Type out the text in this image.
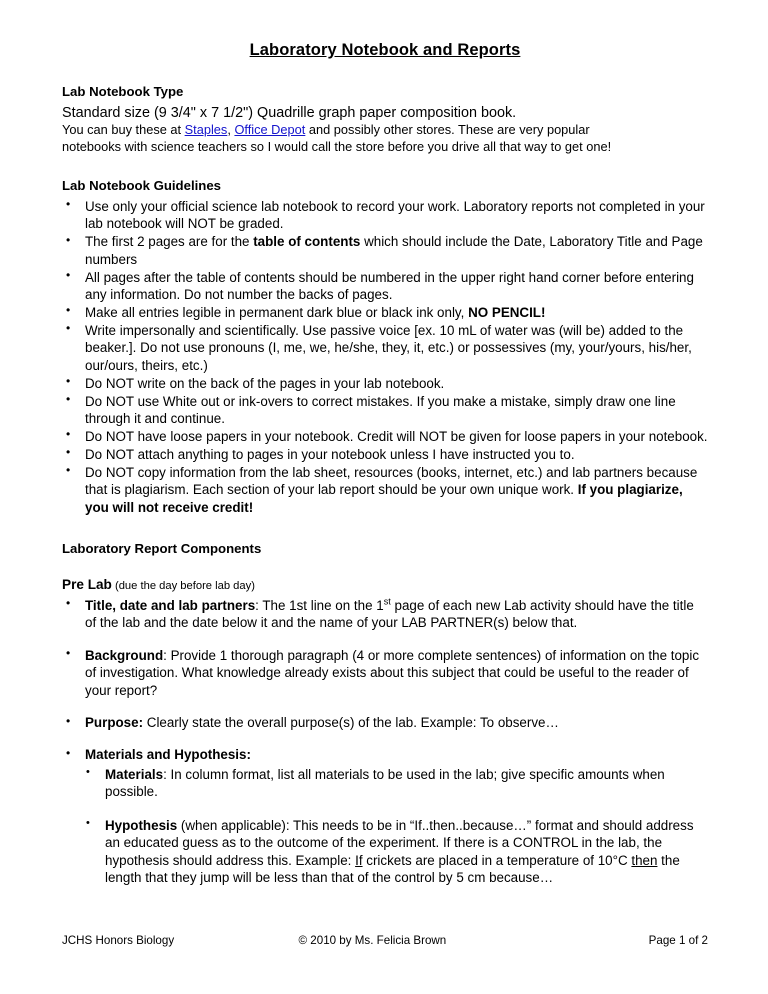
Laboratory Notebook and Reports
Lab Notebook Type

Standard size (9 3/4" x 7 1/2") Quadrille graph paper composition book.

You can buy these at Staples, Office Depot and possibly other stores. These are very popular

notebooks with science teachers so I would call the store before you drive all that way to get one!

Lab Notebook Guidelines
• Use only your official science lab notebook to record your work. Laboratory reports not completed in your lab notebook will NOT be graded.
• The first 2 pages are for the table of contents which should include the Date, Laboratory Title and Page numbers
• All pages after the table of contents should be numbered in the upper right hand corner before entering any information. Do not number the backs of pages.
• Make all entries legible in permanent dark blue or black ink only, NO PENCIL!
• Write impersonally and scientifically. Use passive voice [ex. 10 mL of water was (will be) added to the beaker.]. Do not use pronouns (I, me, we, he/she, they, it, etc.) or possessives (my, your/yours, his/her, our/ours, theirs, etc.)
• Do NOT write on the back of the pages in your lab notebook.
• Do NOT use White out or ink-overs to correct mistakes. If you make a mistake, simply draw one line through it and continue.
• Do NOT have loose papers in your notebook. Credit will NOT be given for loose papers in your notebook.
• Do NOT attach anything to pages in your notebook unless I have instructed you to.
• Do NOT copy information from the lab sheet, resources (books, internet, etc.) and lab partners because that is plagiarism. Each section of your lab report should be your own unique work. If you plagiarize, you will not receive credit!
Laboratory Report Components

Pre Lab (due the day before lab day)

• Title, date and lab partners: The 1st line on the 1st page of each new Lab activity should have the title of the lab and the date below it and the name of your LAB PARTNER(s) below that.
• Background: Provide 1 thorough paragraph (4 or more complete sentences) of information on the topic of investigation. What knowledge already exists about this subject that could be useful to the reader of your report?
• Purpose: Clearly state the overall purpose(s) of the lab. Example: To observe…
• Materials and Hypothesis:
• Materials: In column format, list all materials to be used in the lab; give specific amounts when possible.
• Hypothesis (when applicable): This needs to be in “If..then..because…” format and should address an educated guess as to the outcome of the experiment. If there is a CONTROL in the lab, the hypothesis should address this. Example: If crickets are placed in a temperature of 10°C then the length that they jump will be less than that of the control by 5 cm because…
JCHS Honors Biology	© 2010 by Ms. Felicia Brown	Page 1 of 2
